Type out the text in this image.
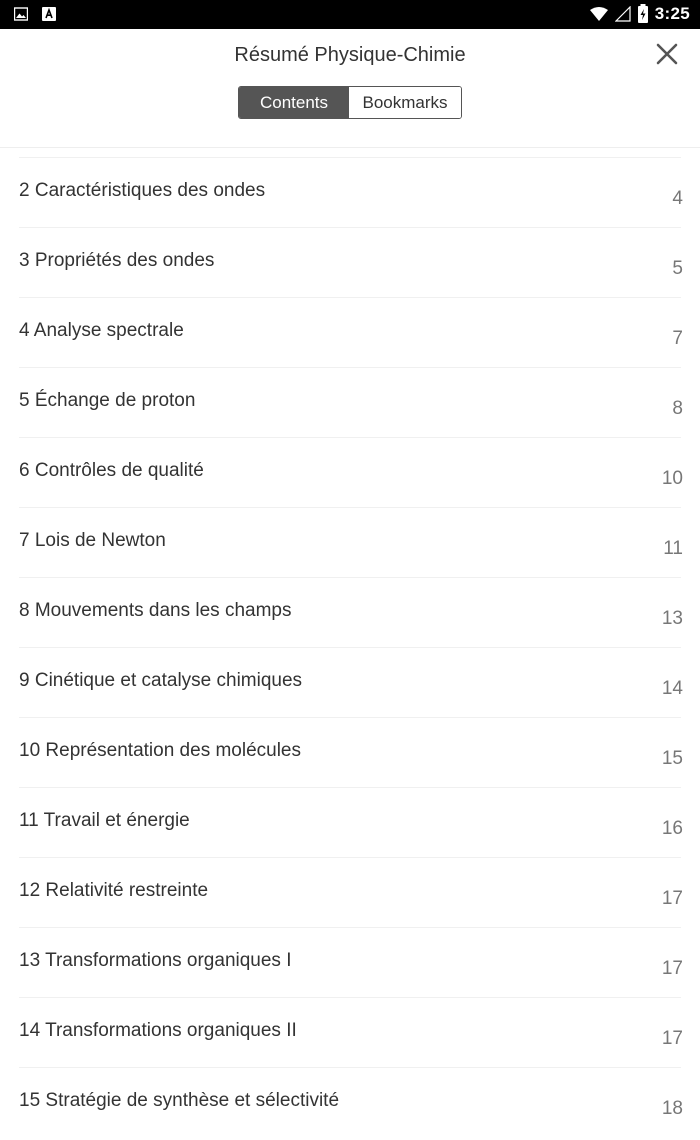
3:25
Résumé Physique-Chimie
Contents	Bookmarks
2 Caractéristiques des ondes	4
3 Propriétés des ondes	5
4 Analyse spectrale	7
5 Échange de proton	8
6 Contrôles de qualité	10
7 Lois de Newton	11
8 Mouvements dans les champs	13
9 Cinétique et catalyse chimiques	14
10 Représentation des molécules	15
11 Travail et énergie	16
12 Relativité restreinte	17
13 Transformations organiques I	17
14 Transformations organiques II	17
15 Stratégie de synthèse et sélectivité	18
